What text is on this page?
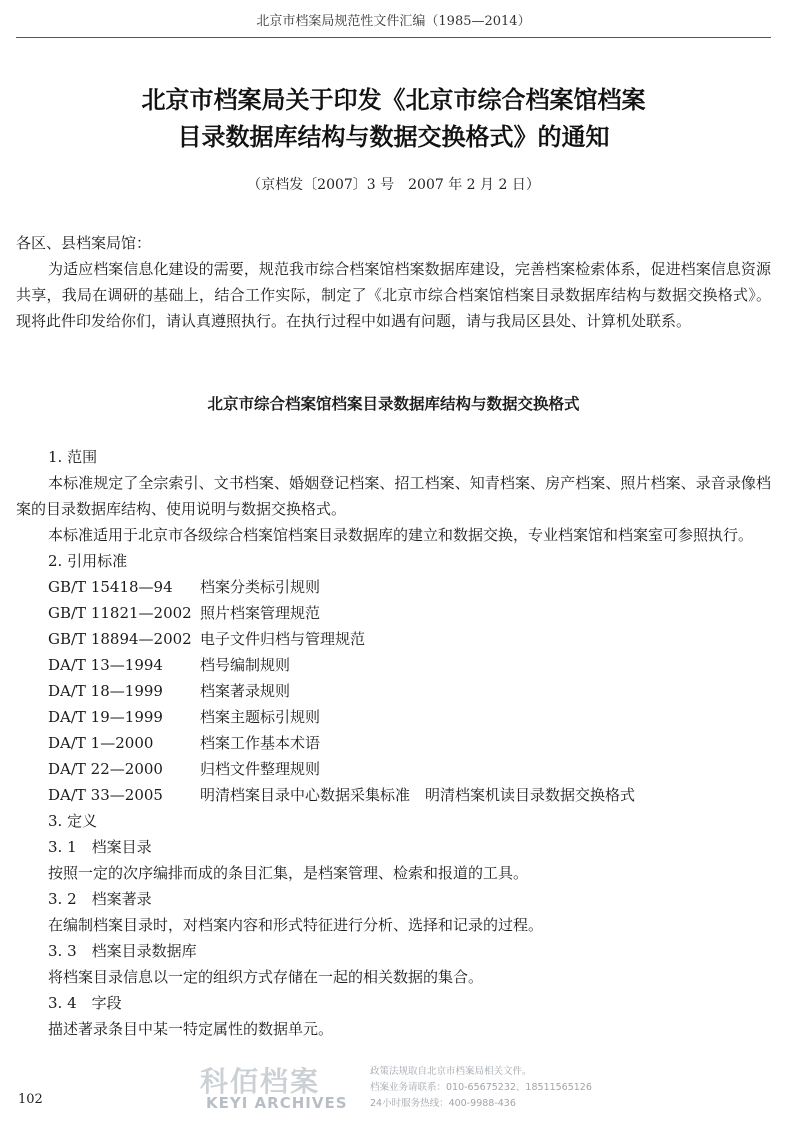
北京市档案局规范性文件汇编（1985—2014）
北京市档案局关于印发《北京市综合档案馆档案
目录数据库结构与数据交换格式》的通知
（京档发〔2007〕3 号　2007 年 2 月 2 日）
各区、县档案局馆：

为适应档案信息化建设的需要，规范我市综合档案馆档案数据库建设，完善档案检索体系，促进档案信息资源共享，我局在调研的基础上，结合工作实际，制定了《北京市综合档案馆档案目录数据库结构与数据交换格式》。现将此件印发给你们，请认真遵照执行。在执行过程中如遇有问题，请与我局区县处、计算机处联系。

北京市综合档案馆档案目录数据库结构与数据交换格式

1. 范围

本标准规定了全宗索引、文书档案、婚姻登记档案、招工档案、知青档案、房产档案、照片档案、录音录像档案的目录数据库结构、使用说明与数据交换格式。

本标准适用于北京市各级综合档案馆档案目录数据库的建立和数据交换，专业档案馆和档案室可参照执行。

2. 引用标准

GB/T 15418—94	档案分类标引规则
GB/T 11821—2002 照片档案管理规范
GB/T 18894—2002 电子文件归档与管理规范
DA/T 13—1994	档号编制规则
DA/T 18—1999	档案著录规则
DA/T 19—1999	档案主题标引规则
DA/T 1—2000	档案工作基本术语
DA/T 22—2000	归档文件整理规则
DA/T 33—2005	明清档案目录中心数据采集标准　明清档案机读目录数据交换格式

3. 定义

3. 1　档案目录

按照一定的次序编排而成的条目汇集，是档案管理、检索和报道的工具。

3. 2　档案著录

在编制档案目录时，对档案内容和形式特征进行分析、选择和记录的过程。

3. 3　档案目录数据库

将档案目录信息以一定的组织方式存储在一起的相关数据的集合。

3. 4　字段

描述著录条目中某一特定属性的数据单元。

科佰档案
KEYI ARCHIVES
政策法规取自北京市档案局相关文件。
档案业务请联系：010-65675232、18511565126
24小时服务热线：400-9988-436
102
